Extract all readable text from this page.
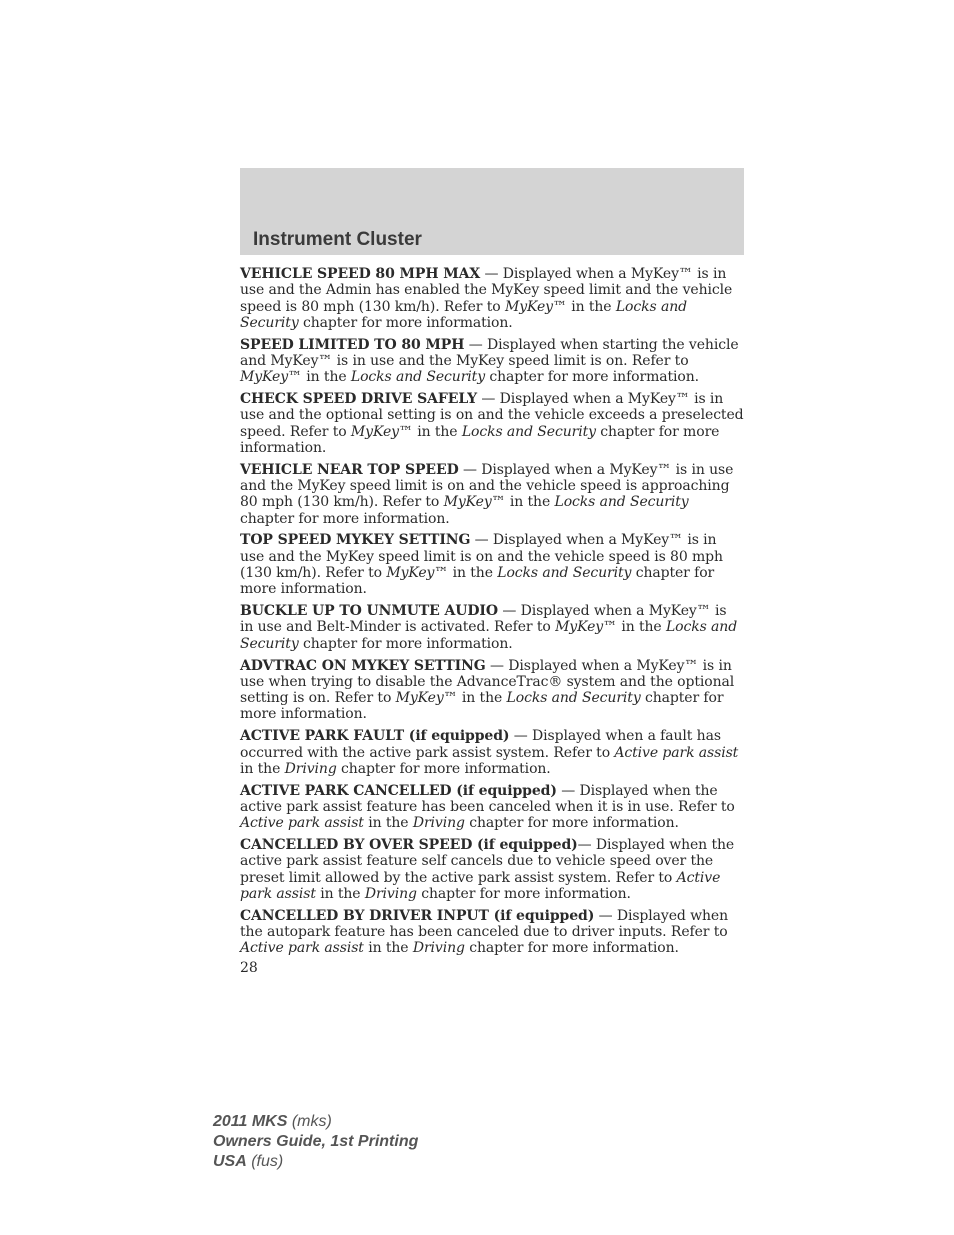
Instrument Cluster

VEHICLE SPEED 80 MPH MAX — Displayed when a MyKey™ is in use and the Admin has enabled the MyKey speed limit and the vehicle speed is 80 mph (130 km/h). Refer to MyKey™ in the Locks and Security chapter for more information.

SPEED LIMITED TO 80 MPH — Displayed when starting the vehicle and MyKey™ is in use and the MyKey speed limit is on. Refer to MyKey™ in the Locks and Security chapter for more information.

CHECK SPEED DRIVE SAFELY — Displayed when a MyKey™ is in use and the optional setting is on and the vehicle exceeds a preselected speed. Refer to MyKey™ in the Locks and Security chapter for more information.

VEHICLE NEAR TOP SPEED — Displayed when a MyKey™ is in use and the MyKey speed limit is on and the vehicle speed is approaching 80 mph (130 km/h). Refer to MyKey™ in the Locks and Security chapter for more information.

TOP SPEED MYKEY SETTING — Displayed when a MyKey™ is in use and the MyKey speed limit is on and the vehicle speed is 80 mph (130 km/h). Refer to MyKey™ in the Locks and Security chapter for more information.

BUCKLE UP TO UNMUTE AUDIO — Displayed when a MyKey™ is in use and Belt-Minder is activated. Refer to MyKey™ in the Locks and Security chapter for more information.

ADVTRAC ON MYKEY SETTING — Displayed when a MyKey™ is in use when trying to disable the AdvanceTrac® system and the optional setting is on. Refer to MyKey™ in the Locks and Security chapter for more information.

ACTIVE PARK FAULT (if equipped) — Displayed when a fault has occurred with the active park assist system. Refer to Active park assist in the Driving chapter for more information.

ACTIVE PARK CANCELLED (if equipped) — Displayed when the active park assist feature has been canceled when it is in use. Refer to Active park assist in the Driving chapter for more information.

CANCELLED BY OVER SPEED (if equipped)— Displayed when the active park assist feature self cancels due to vehicle speed over the preset limit allowed by the active park assist system. Refer to Active park assist in the Driving chapter for more information.

CANCELLED BY DRIVER INPUT (if equipped) — Displayed when the autopark feature has been canceled due to driver inputs. Refer to Active park assist in the Driving chapter for more information.

28
2011 MKS (mks)
Owners Guide, 1st Printing
USA (fus)
